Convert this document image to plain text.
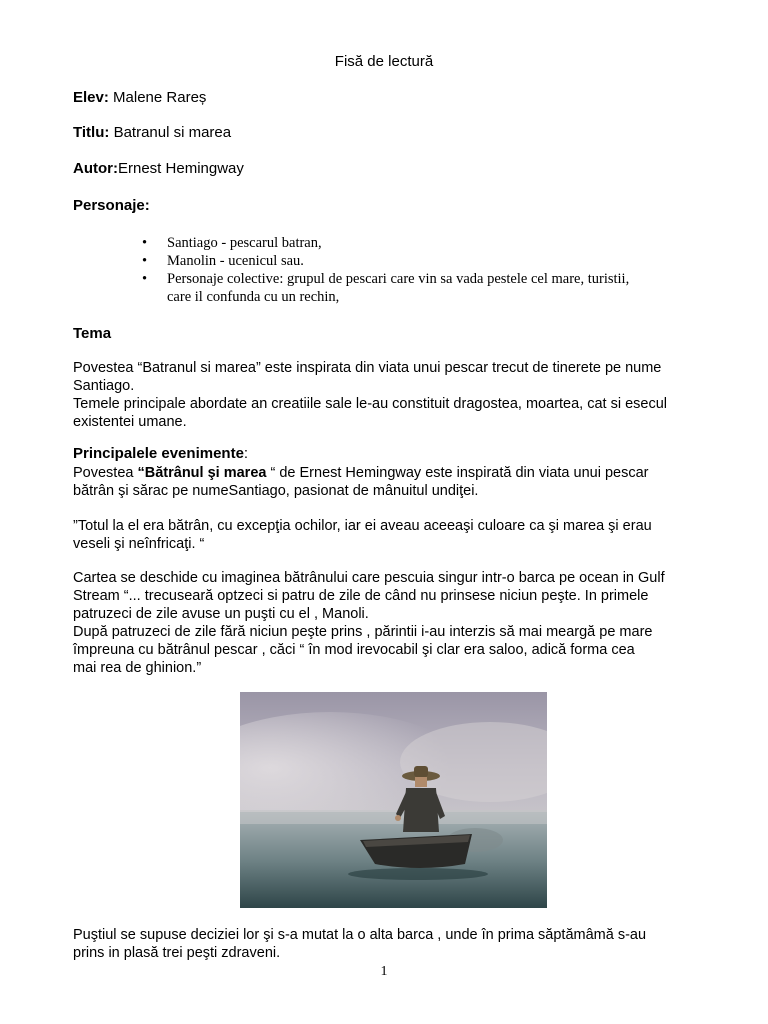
Fisă de lectură
Elev: Malene Rareș
Titlu: Batranul si marea
Autor:Ernest Hemingway
Personaje:
• Santiago - pescarul batran,
• Manolin - ucenicul sau.
• Personaje colective: grupul de pescari care vin sa vada pestele cel mare, turistii,
care il confunda cu un rechin,
Tema
Povestea “Batranul si marea” este inspirata din viata unui pescar trecut de tinerete pe nume
Santiago.
Temele principale abordate an creatiile sale le-au constituit dragostea, moartea, cat si esecul
existentei umane.
Principalele evenimente:
Povestea “Bătrânul şi marea “ de Ernest Hemingway este inspirată din viata unui pescar
bătrân şi sărac pe numeSantiago, pasionat de mânuitul undiţei.
”Totul la el era bătrân, cu excepţia ochilor, iar ei aveau aceeaşi culoare ca şi marea şi erau
veseli şi neînfricaţi. “
Cartea se deschide cu imaginea bătrânului care pescuia singur intr-o barca pe ocean in Gulf
Stream “... trecuseară optzeci si patru de zile de când nu prinsese niciun peşte. In primele
patruzeci de zile avuse un puşti cu el , Manoli.
După patruzeci de zile fără niciun peşte prins , părintii i-au interzis să mai meargă pe mare
împreuna cu bătrânul pescar , căci “ în mod irevocabil şi clar era saloo, adică forma cea
mai rea de ghinion.”
Puştiul se supuse deciziei lor şi s-a mutat la o alta barca , unde în prima săptămâmă s-au
prins in plasă trei peşti zdraveni.
1
